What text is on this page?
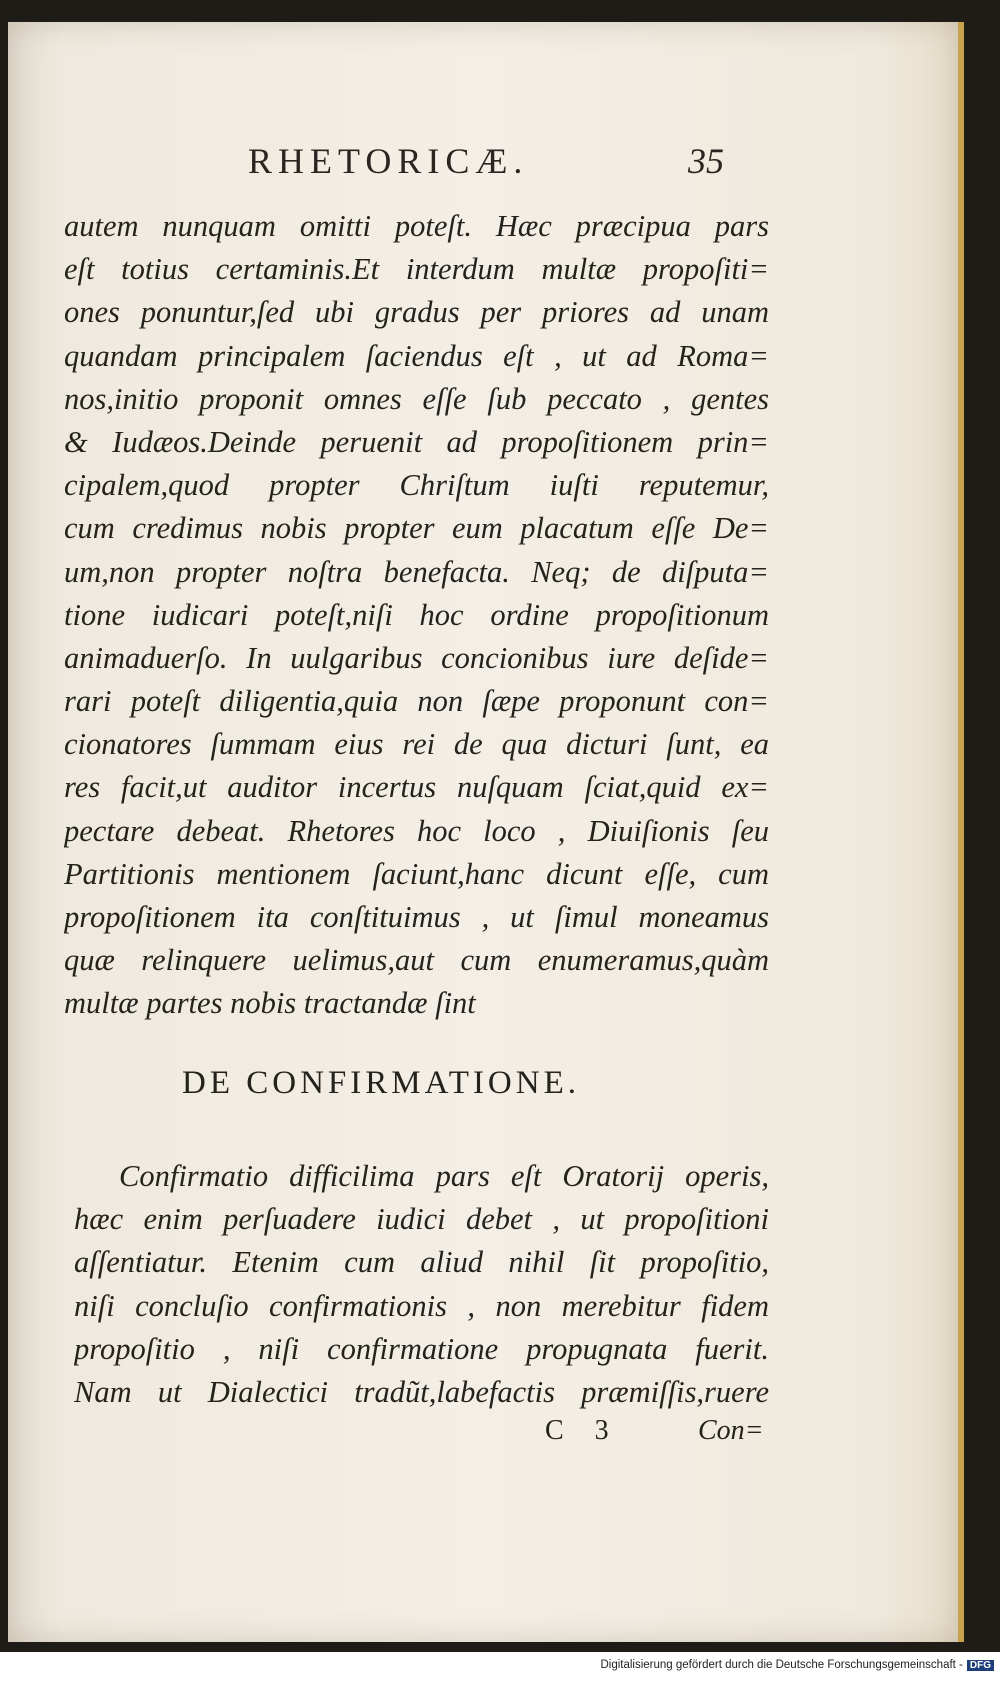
RHETORICÆ.	35
autem nunquam omitti poteſt. Hæc præcipua pars
eſt totius certaminis.Et interdum multæ propoſiti=
ones ponuntur,ſed ubi gradus per priores ad unam
quandam principalem ſaciendus eſt , ut ad Roma=
nos,initio proponit omnes eſſe ſub peccato , gentes
& Iudæos.Deinde peruenit ad propoſitionem prin=
cipalem,quod propter Chriſtum iuſti reputemur,
cum credimus nobis propter eum placatum eſſe De=
um,non propter noſtra benefacta. Neq; de diſputa=
tione iudicari poteſt,niſi hoc ordine propoſitionum
animaduerſo. In uulgaribus concionibus iure deſide=
rari poteſt diligentia,quia non ſæpe proponunt con=
cionatores ſummam eius rei de qua dicturi ſunt, ea
res facit,ut auditor incertus nuſquam ſciat,quid ex=
pectare debeat. Rhetores hoc loco , Diuiſionis ſeu
Partitionis mentionem ſaciunt,hanc dicunt eſſe, cum
propoſitionem ita conſtituimus , ut ſimul moneamus
quæ relinquere uelimus,aut cum enumeramus,quàm
multæ partes nobis tractandæ ſint
DE CONFIRMATIONE.
Confirmatio difficilima pars eſt Oratorij operis,
hæc enim perſuadere iudici debet , ut propoſitioni
aſſentiatur. Etenim cum aliud nihil ſit propoſitio,
niſi concluſio confirmationis , non merebitur fidem
propoſitio , niſi confirmatione propugnata fuerit.
Nam ut Dialectici tradũt,labefactis præmiſſis,ruere
C 3	Con=
Digitalisierung gefördert durch die Deutsche Forschungsgemeinschaft - DFG
